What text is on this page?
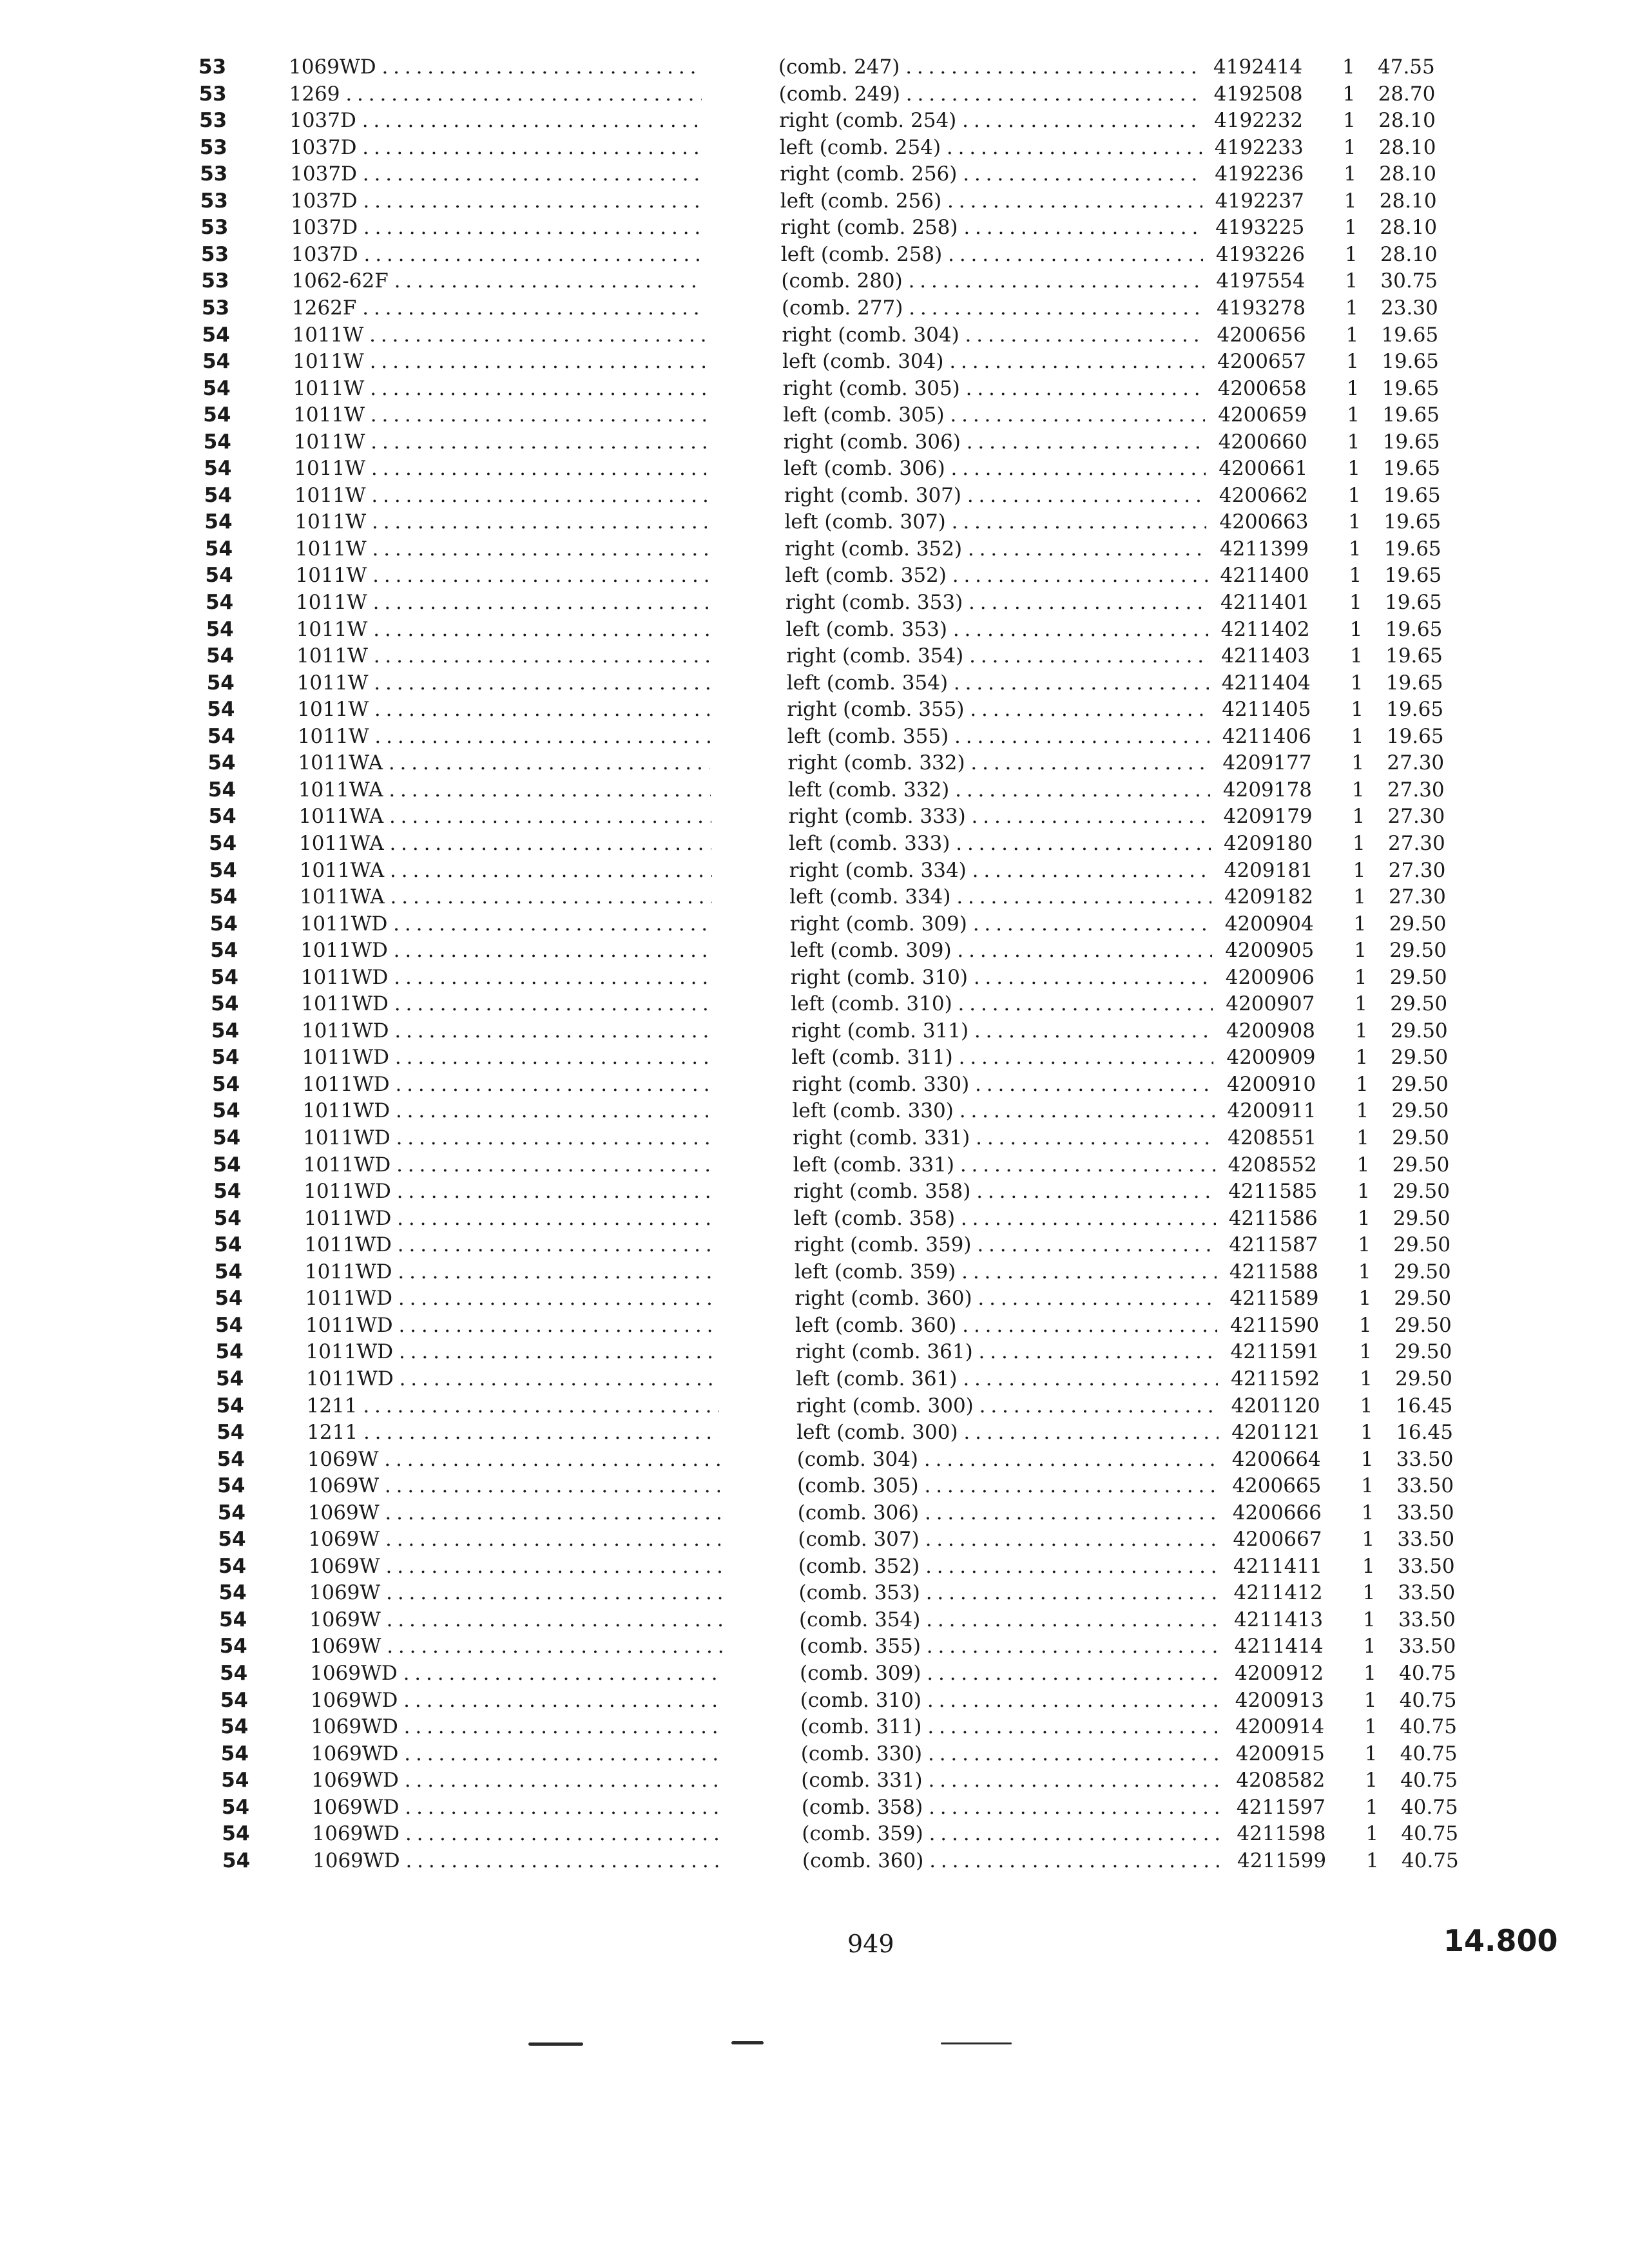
53	1069WD . . .	(comb. 247) . . .	4192414	1	47.55
53	1269 . . .	(comb. 249) . . .	4192508	1	28.70
53	1037D . . .	right (comb. 254) . . .	4192232	1	28.10
53	1037D . . .	left (comb. 254) . . .	4192233	1	28.10
53	1037D . . .	right (comb. 256) . . .	4192236	1	28.10
53	1037D . . .	left (comb. 256) . . .	4192237	1	28.10
53	1037D . . .	right (comb. 258) . . .	4193225	1	28.10
53	1037D . . .	left (comb. 258) . . .	4193226	1	28.10
53	1062-62F . . .	(comb. 280) . . .	4197554	1	30.75
53	1262F . . .	(comb. 277) . . .	4193278	1	23.30
54	1011W . . .	right (comb. 304) . . .	4200656	1	19.65
54	1011W . . .	left (comb. 304) . . .	4200657	1	19.65
54	1011W . . .	right (comb. 305) . . .	4200658	1	19.65
54	1011W . . .	left (comb. 305) . . .	4200659	1	19.65
54	1011W . . .	right (comb. 306) . . .	4200660	1	19.65
54	1011W . . .	left (comb. 306) . . .	4200661	1	19.65
54	1011W . . .	right (comb. 307) . . .	4200662	1	19.65
54	1011W . . .	left (comb. 307) . . .	4200663	1	19.65
54	1011W . . .	right (comb. 352) . . .	4211399	1	19.65
54	1011W . . .	left (comb. 352) . . .	4211400	1	19.65
54	1011W . . .	right (comb. 353) . . .	4211401	1	19.65
54	1011W . . .	left (comb. 353) . . .	4211402	1	19.65
54	1011W . . .	right (comb. 354) . . .	4211403	1	19.65
54	1011W . . .	left (comb. 354) . . .	4211404	1	19.65
54	1011W . . .	right (comb. 355) . . .	4211405	1	19.65
54	1011W . . .	left (comb. 355) . . .	4211406	1	19.65
54	1011WA . . .	right (comb. 332) . . .	4209177	1	27.30
54	1011WA . . .	left (comb. 332) . . .	4209178	1	27.30
54	1011WA . . .	right (comb. 333) . . .	4209179	1	27.30
54	1011WA . . .	left (comb. 333) . . .	4209180	1	27.30
54	1011WA . . .	right (comb. 334) . . .	4209181	1	27.30
54	1011WA . . .	left (comb. 334) . . .	4209182	1	27.30
54	1011WD . . .	right (comb. 309) . . .	4200904	1	29.50
54	1011WD . . .	left (comb. 309) . . .	4200905	1	29.50
54	1011WD . . .	right (comb. 310) . . .	4200906	1	29.50
54	1011WD . . .	left (comb. 310) . . .	4200907	1	29.50
54	1011WD . . .	right (comb. 311) . . .	4200908	1	29.50
54	1011WD . . .	left (comb. 311) . . .	4200909	1	29.50
54	1011WD . . .	right (comb. 330) . . .	4200910	1	29.50
54	1011WD . . .	left (comb. 330) . . .	4200911	1	29.50
54	1011WD . . .	right (comb. 331) . . .	4208551	1	29.50
54	1011WD . . .	left (comb. 331) . . .	4208552	1	29.50
54	1011WD . . .	right (comb. 358) . . .	4211585	1	29.50
54	1011WD . . .	left (comb. 358) . . .	4211586	1	29.50
54	1011WD . . .	right (comb. 359) . . .	4211587	1	29.50
54	1011WD . . .	left (comb. 359) . . .	4211588	1	29.50
54	1011WD . . .	right (comb. 360) . . .	4211589	1	29.50
54	1011WD . . .	left (comb. 360) . . .	4211590	1	29.50
54	1011WD . . .	right (comb. 361) . . .	4211591	1	29.50
54	1011WD . . .	left (comb. 361) . . .	4211592	1	29.50
54	1211 . . .	right (comb. 300) . . .	4201120	1	16.45
54	1211 . . .	left (comb. 300) . . .	4201121	1	16.45
54	1069W . . .	(comb. 304) . . .	4200664	1	33.50
54	1069W . . .	(comb. 305) . . .	4200665	1	33.50
54	1069W . . .	(comb. 306) . . .	4200666	1	33.50
54	1069W . . .	(comb. 307) . . .	4200667	1	33.50
54	1069W . . .	(comb. 352) . . .	4211411	1	33.50
54	1069W . . .	(comb. 353) . . .	4211412	1	33.50
54	1069W . . .	(comb. 354) . . .	4211413	1	33.50
54	1069W . . .	(comb. 355) . . .	4211414	1	33.50
54	1069WD . . .	(comb. 309) . . .	4200912	1	40.75
54	1069WD . . .	(comb. 310) . . .	4200913	1	40.75
54	1069WD . . .	(comb. 311) . . .	4200914	1	40.75
54	1069WD . . .	(comb. 330) . . .	4200915	1	40.75
54	1069WD . . .	(comb. 331) . . .	4208582	1	40.75
54	1069WD . . .	(comb. 358) . . .	4211597	1	40.75
54	1069WD . . .	(comb. 359) . . .	4211598	1	40.75
54	1069WD . . .	(comb. 360) . . .	4211599	1	40.75
949	14.800
